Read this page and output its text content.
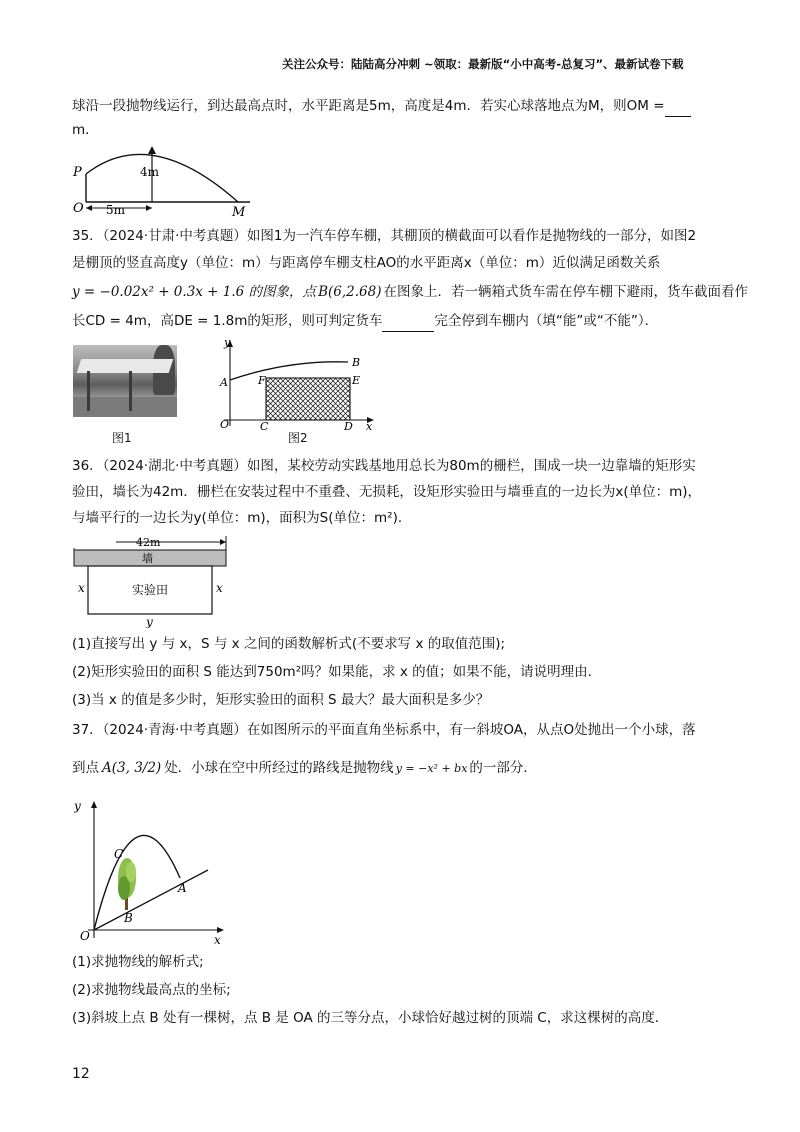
关注公众号：陆陆高分冲刺 ~领取：最新版“小中高考-总复习”、最新试卷下载
球沿一段抛物线运行，到达最高点时，水平距离是5m，高度是4m．若实心球落地点为M，则OM =
m．
P
O	M
4m
5m
35．（2024·甘肃·中考真题）如图1为一汽车停车棚，其棚顶的横截面可以看作是抛物线的一部分，如图2
是棚顶的竖直高度y（单位：m）与距离停车棚支柱AO的水平距离x（单位：m）近似满足函数关系
y = −0.02x² + 0.3x + 1.6 的图象，点 B(6,2.68) 在图象上．若一辆箱式货车需在停车棚下避雨，货车截面看作
长CD = 4m，高DE = 1.8m的矩形，则可判定货车	完全停到车棚内（填“能”或“不能”）．
图1
y
x
O
A
B
C	D
E
F
图2
36．（2024·湖北·中考真题）如图，某校劳动实践基地用总长为80m的栅栏，围成一块一边靠墙的矩形实
验田，墙长为42m．栅栏在安装过程中不重叠、无损耗，设矩形实验田与墙垂直的一边长为x(单位：m)，
与墙平行的一边长为y(单位：m)，面积为S(单位：m²)．
42m
墙
实验田
x	x
y
(1)直接写出 y 与 x，S 与 x 之间的函数解析式(不要求写 x 的取值范围);
(2)矩形实验田的面积 S 能达到750m²吗？如果能，求 x 的值；如果不能，请说明理由．
(3)当 x 的值是多少时，矩形实验田的面积 S 最大？最大面积是多少？
37．（2024·青海·中考真题）在如图所示的平面直角坐标系中，有一斜坡OA，从点O处抛出一个小球，落
到点 A(3, 3/2) 处．小球在空中所经过的路线是抛物线 y = −x² + bx 的一部分．
y
x
O
A
B
C
(1)求抛物线的解析式;
(2)求抛物线最高点的坐标;
(3)斜坡上点 B 处有一棵树，点 B 是 OA 的三等分点，小球恰好越过树的顶端 C，求这棵树的高度．
12
